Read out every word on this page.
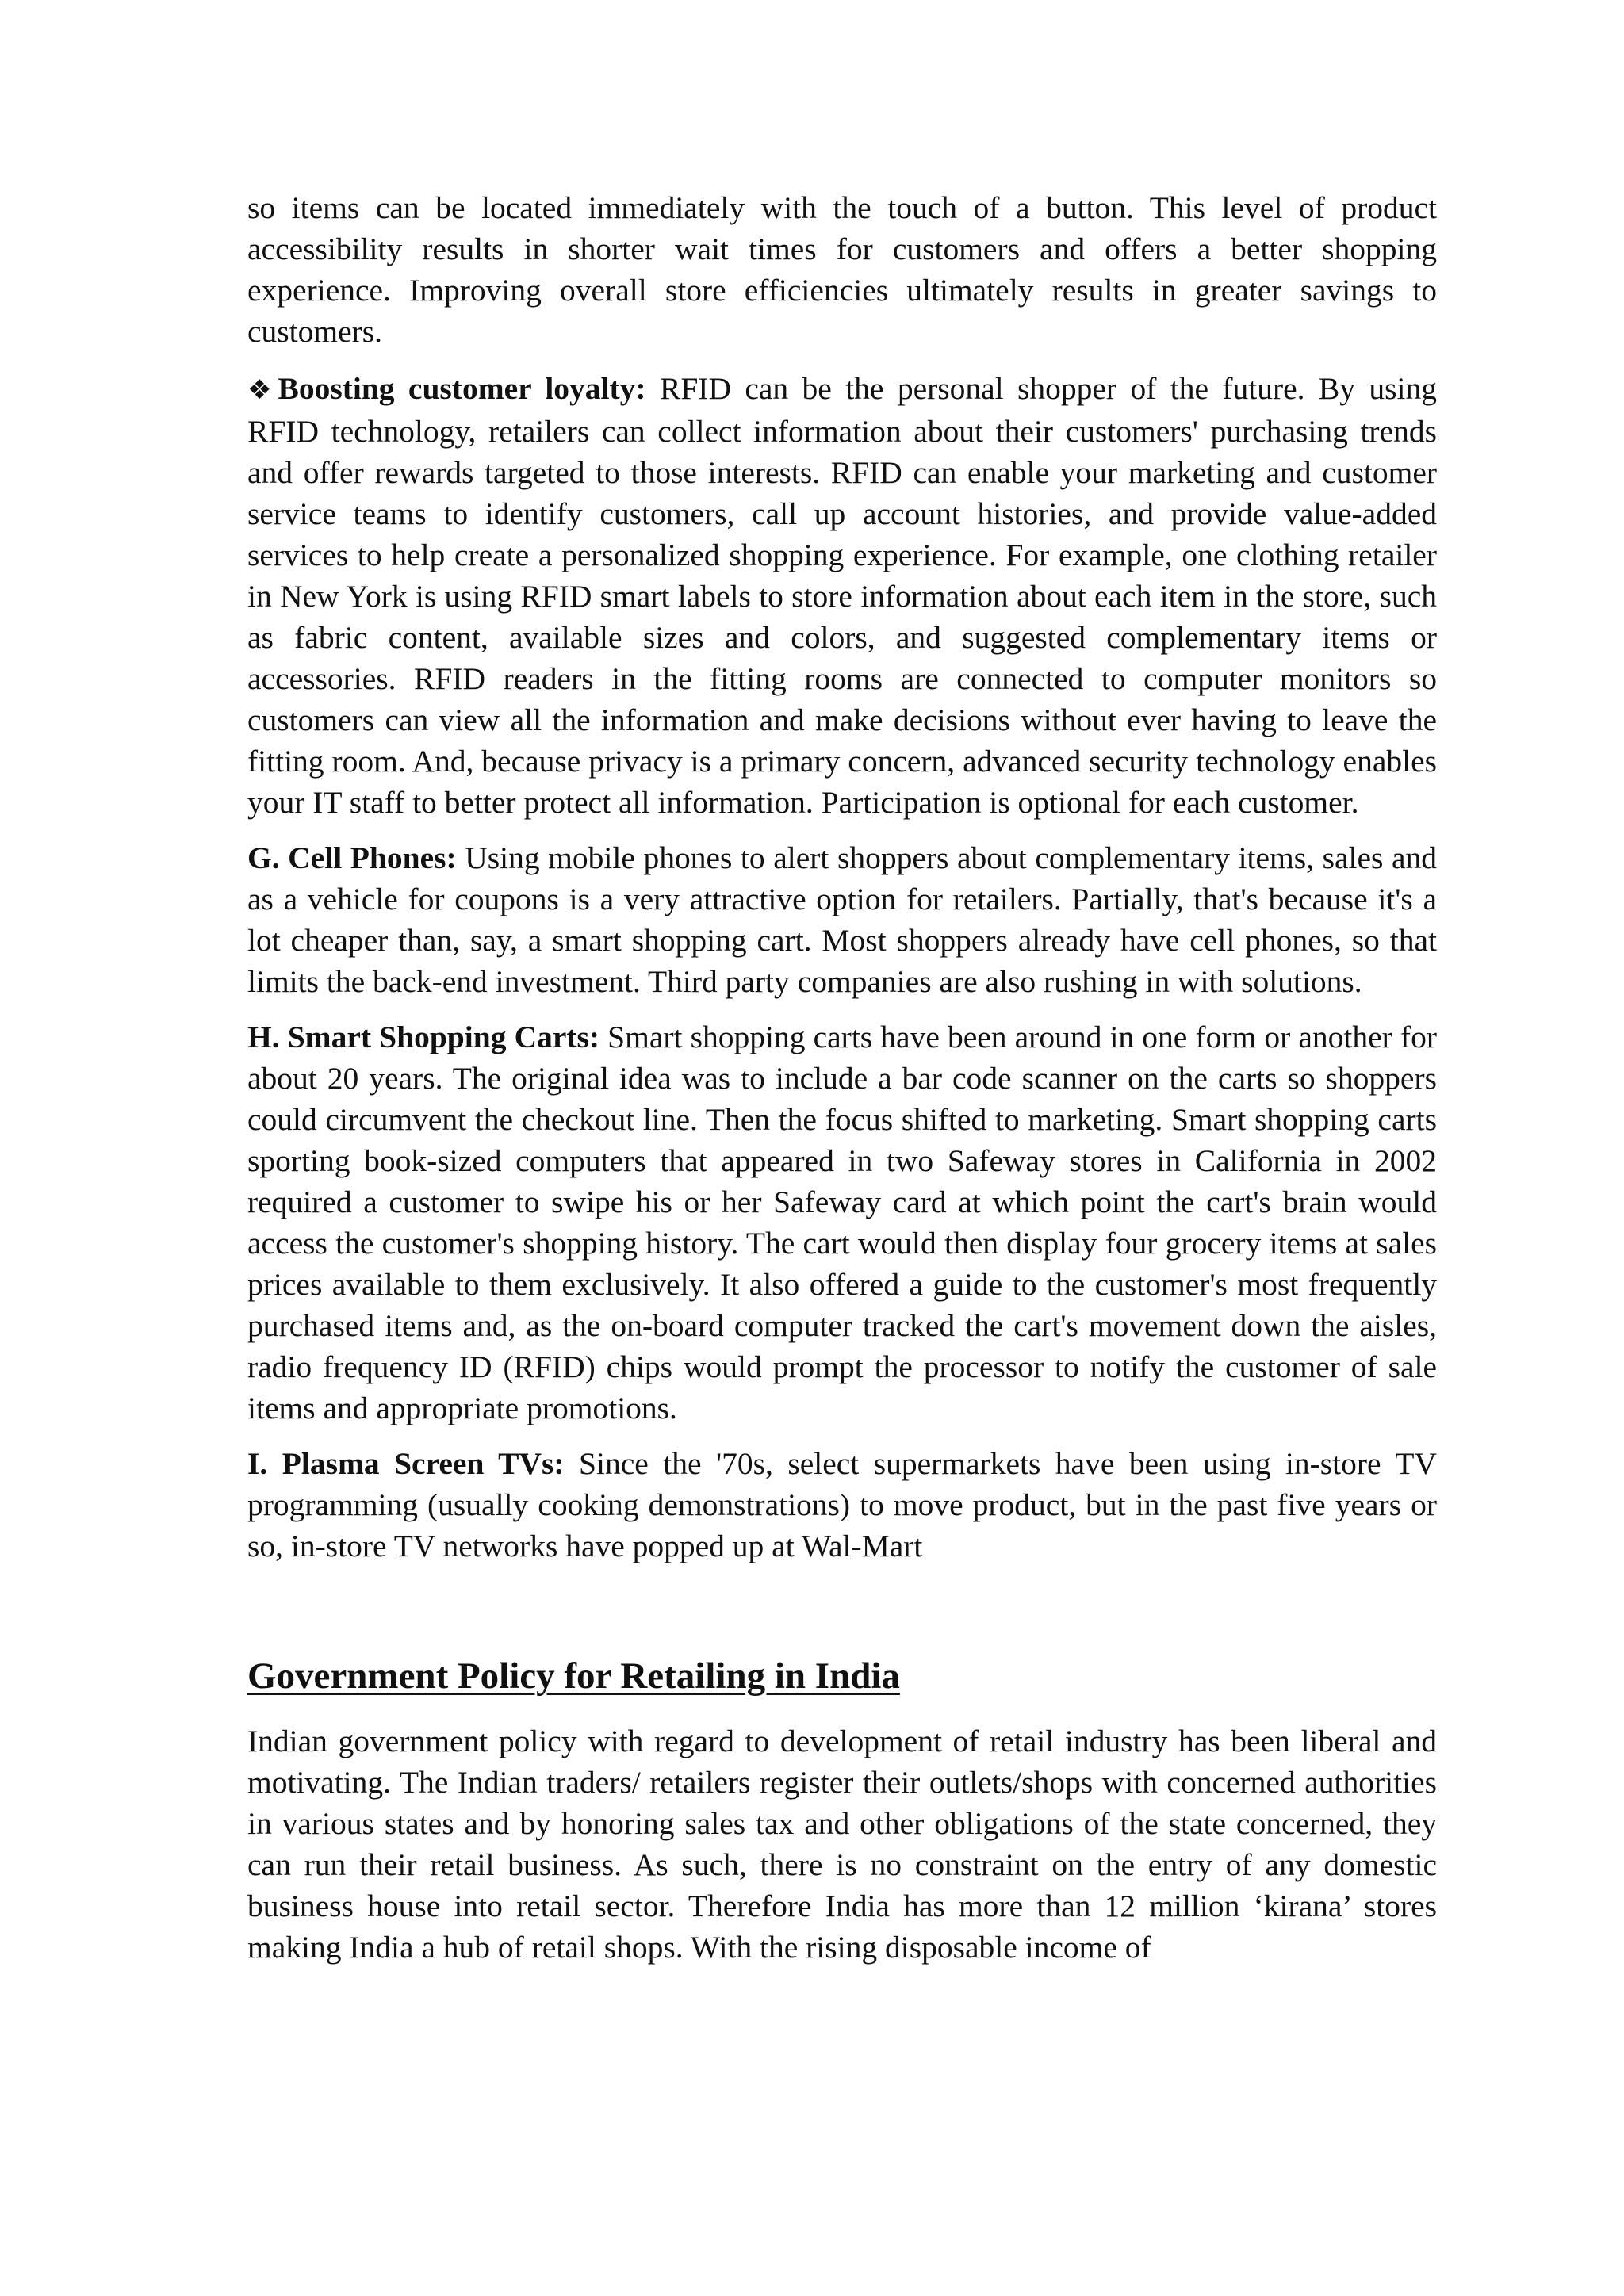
so items can be located immediately with the touch of a button. This level of product accessibility results in shorter wait times for customers and offers a better shopping experience. Improving overall store efficiencies ultimately results in greater savings to customers.

❖ Boosting customer loyalty: RFID can be the personal shopper of the future. By using RFID technology, retailers can collect information about their customers' purchasing trends and offer rewards targeted to those interests. RFID can enable your marketing and customer service teams to identify customers, call up account histories, and provide value-added services to help create a personalized shopping experience. For example, one clothing retailer in New York is using RFID smart labels to store information about each item in the store, such as fabric content, available sizes and colors, and suggested complementary items or accessories. RFID readers in the fitting rooms are connected to computer monitors so customers can view all the information and make decisions without ever having to leave the fitting room. And, because privacy is a primary concern, advanced security technology enables your IT staff to better protect all information. Participation is optional for each customer.

G. Cell Phones: Using mobile phones to alert shoppers about complementary items, sales and as a vehicle for coupons is a very attractive option for retailers. Partially, that's because it's a lot cheaper than, say, a smart shopping cart. Most shoppers already have cell phones, so that limits the back-end investment. Third party companies are also rushing in with solutions.

H. Smart Shopping Carts: Smart shopping carts have been around in one form or another for about 20 years. The original idea was to include a bar code scanner on the carts so shoppers could circumvent the checkout line. Then the focus shifted to marketing. Smart shopping carts sporting book-sized computers that appeared in two Safeway stores in California in 2002 required a customer to swipe his or her Safeway card at which point the cart's brain would access the customer's shopping history. The cart would then display four grocery items at sales prices available to them exclusively. It also offered a guide to the customer's most frequently purchased items and, as the on-board computer tracked the cart's movement down the aisles, radio frequency ID (RFID) chips would prompt the processor to notify the customer of sale items and appropriate promotions.

I. Plasma Screen TVs: Since the '70s, select supermarkets have been using in-store TV programming (usually cooking demonstrations) to move product, but in the past five years or so, in-store TV networks have popped up at Wal-Mart

Government Policy for Retailing in India

Indian government policy with regard to development of retail industry has been liberal and motivating. The Indian traders/ retailers register their outlets/shops with concerned authorities in various states and by honoring sales tax and other obligations of the state concerned, they can run their retail business. As such, there is no constraint on the entry of any domestic business house into retail sector. Therefore India has more than 12 million ‘kirana’ stores making India a hub of retail shops. With the rising disposable income of
